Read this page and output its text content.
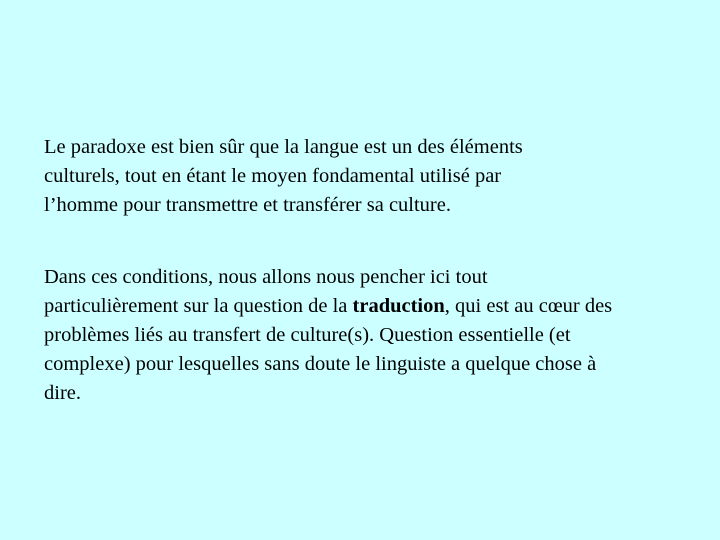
Le paradoxe est bien sûr que la langue est un des éléments
culturels, tout en étant le moyen fondamental utilisé par
l’homme pour transmettre et transférer sa culture.

Dans ces conditions, nous allons nous pencher ici tout
particulièrement sur la question de la traduction, qui est au cœur des
problèmes liés au transfert de culture(s). Question essentielle (et
complexe) pour lesquelles sans doute le linguiste a quelque chose à
dire.
